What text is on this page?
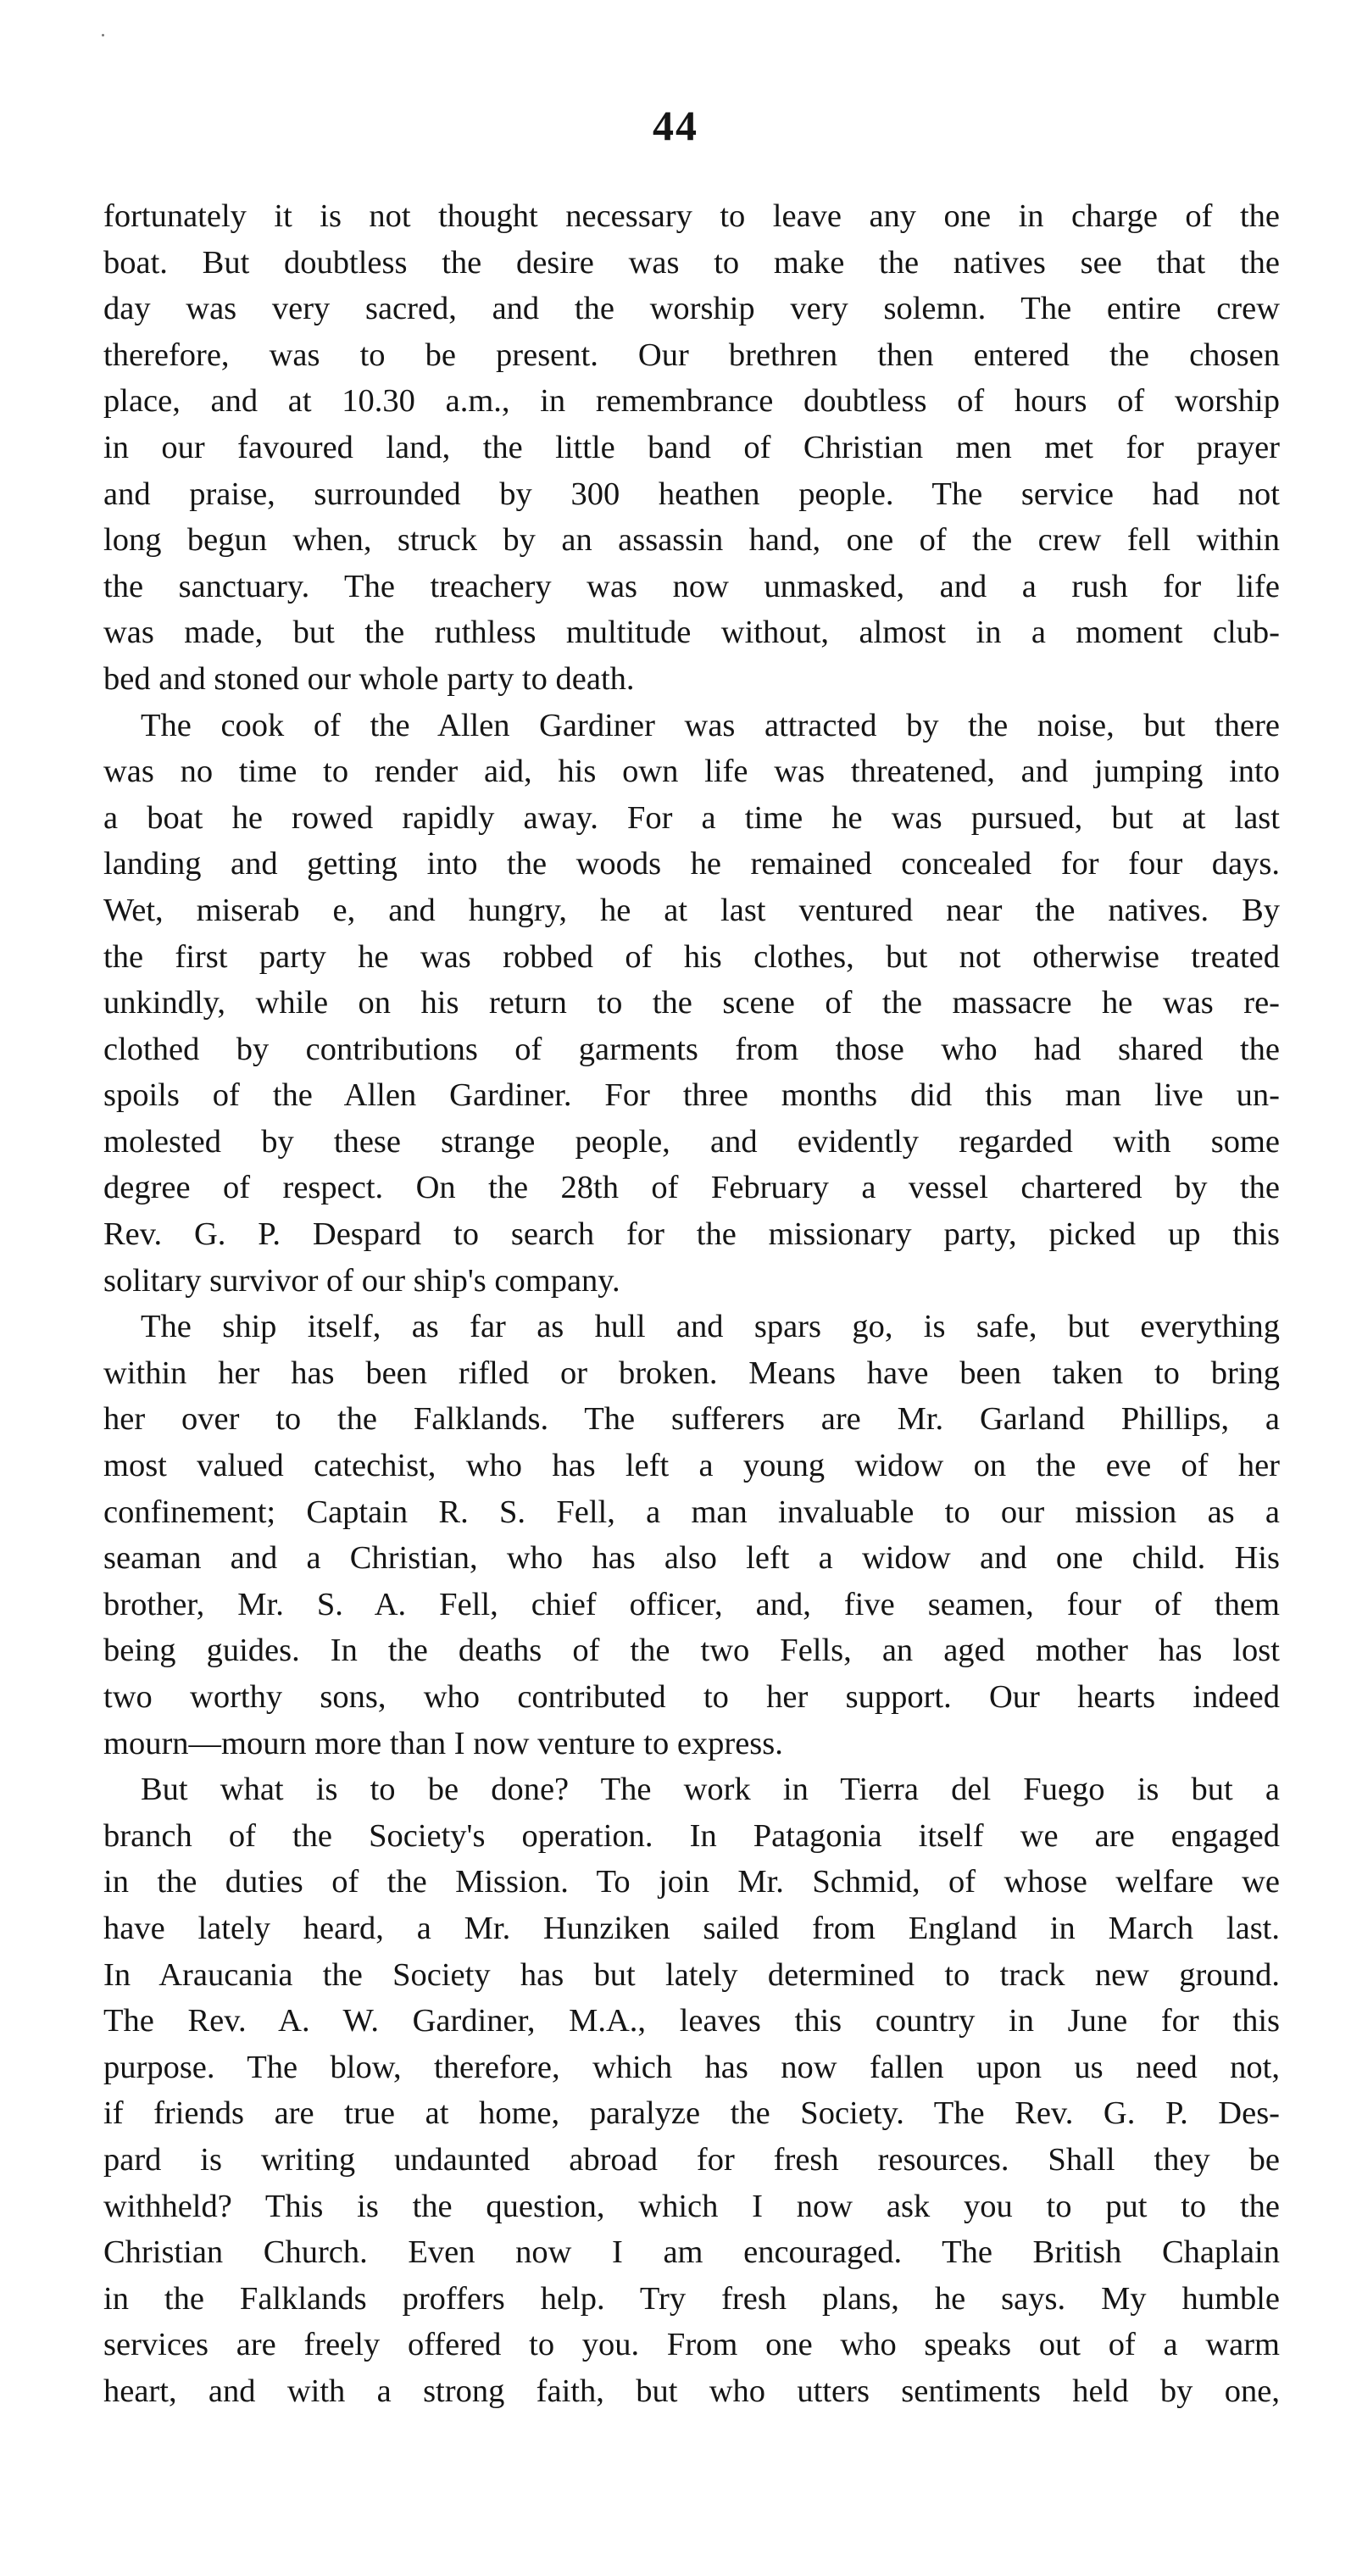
44
fortunately it is not thought necessary to leave any one in charge of the
boat. But doubtless the desire was to make the natives see that the
day was very sacred, and the worship very solemn. The entire crew
therefore, was to be present. Our brethren then entered the chosen
place, and at 10.30 a.m., in remembrance doubtless of hours of worship
in our favoured land, the little band of Christian men met for prayer
and praise, surrounded by 300 heathen people. The service had not
long begun when, struck by an assassin hand, one of the crew fell within
the sanctuary. The treachery was now unmasked, and a rush for life
was made, but the ruthless multitude without, almost in a moment club-
bed and stoned our whole party to death.
The cook of the Allen Gardiner was attracted by the noise, but there
was no time to render aid, his own life was threatened, and jumping into
a boat he rowed rapidly away. For a time he was pursued, but at last
landing and getting into the woods he remained concealed for four days.
Wet, miserab e, and hungry, he at last ventured near the natives. By
the first party he was robbed of his clothes, but not otherwise treated
unkindly, while on his return to the scene of the massacre he was re-
clothed by contributions of garments from those who had shared the
spoils of the Allen Gardiner. For three months did this man live un-
molested by these strange people, and evidently regarded with some
degree of respect. On the 28th of February a vessel chartered by the
Rev. G. P. Despard to search for the missionary party, picked up this
solitary survivor of our ship's company.
The ship itself, as far as hull and spars go, is safe, but everything
within her has been rifled or broken. Means have been taken to bring
her over to the Falklands. The sufferers are Mr. Garland Phillips, a
most valued catechist, who has left a young widow on the eve of her
confinement; Captain R. S. Fell, a man invaluable to our mission as a
seaman and a Christian, who has also left a widow and one child. His
brother, Mr. S. A. Fell, chief officer, and, five seamen, four of them
being guides. In the deaths of the two Fells, an aged mother has lost
two worthy sons, who contributed to her support. Our hearts indeed
mourn—mourn more than I now venture to express.
But what is to be done? The work in Tierra del Fuego is but a
branch of the Society's operation. In Patagonia itself we are engaged
in the duties of the Mission. To join Mr. Schmid, of whose welfare we
have lately heard, a Mr. Hunziken sailed from England in March last.
In Araucania the Society has but lately determined to track new ground.
The Rev. A. W. Gardiner, M.A., leaves this country in June for this
purpose. The blow, therefore, which has now fallen upon us need not,
if friends are true at home, paralyze the Society. The Rev. G. P. Des-
pard is writing undaunted abroad for fresh resources. Shall they be
withheld? This is the question, which I now ask you to put to the
Christian Church. Even now I am encouraged. The British Chaplain
in the Falklands proffers help. Try fresh plans, he says. My humble
services are freely offered to you. From one who speaks out of a warm
heart, and with a strong faith, but who utters sentiments held by one,
